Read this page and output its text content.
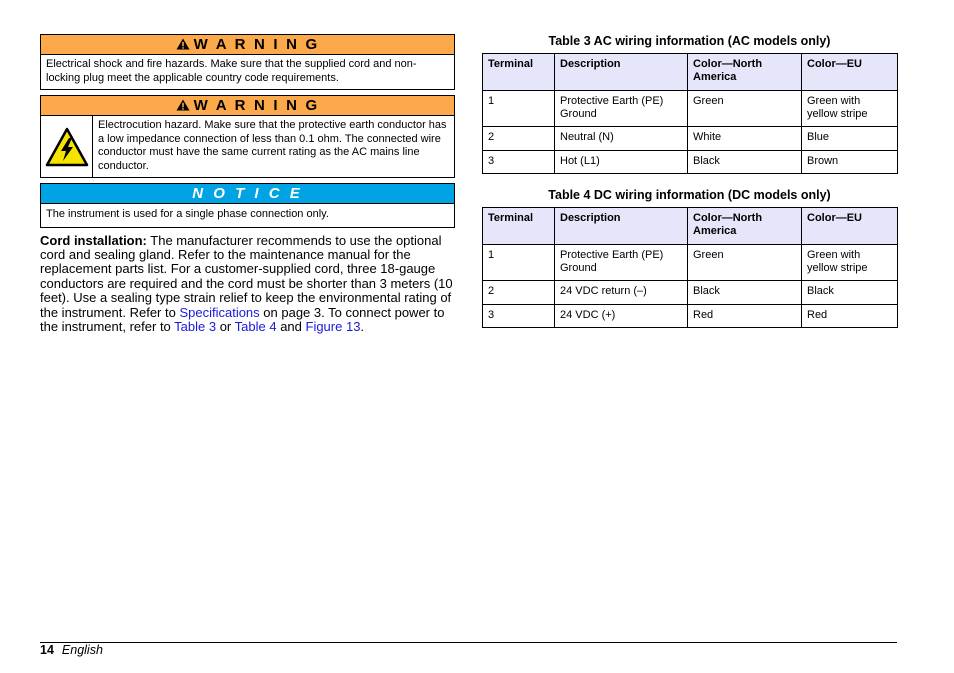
W A R N I N G
Electrical shock and fire hazards. Make sure that the supplied cord and non-locking plug meet the applicable country code requirements.
W A R N I N G
Electrocution hazard. Make sure that the protective earth conductor has a low impedance connection of less than 0.1 ohm. The connected wire conductor must have the same current rating as the AC mains line conductor.
N O T I C E
The instrument is used for a single phase connection only.

Cord installation: The manufacturer recommends to use the optional cord and sealing gland. Refer to the maintenance manual for the replacement parts list. For a customer-supplied cord, three 18-gauge conductors are required and the cord must be shorter than 3 meters (10 feet). Use a sealing type strain relief to keep the environmental rating of the instrument. Refer to Specifications on page 3. To connect power to the instrument, refer to Table 3 or Table 4 and Figure 13.

Table 3 AC wiring information (AC models only)
Terminal	Description	Color—North America	Color—EU
1	Protective Earth (PE) Ground	Green	Green with yellow stripe
2	Neutral (N)	White	Blue
3	Hot (L1)	Black	Brown
Table 4 DC wiring information (DC models only)
Terminal	Description	Color—North America	Color—EU
1	Protective Earth (PE) Ground	Green	Green with yellow stripe
2	24 VDC return (–)	Black	Black
3	24 VDC (+)	Red	Red
14 English
